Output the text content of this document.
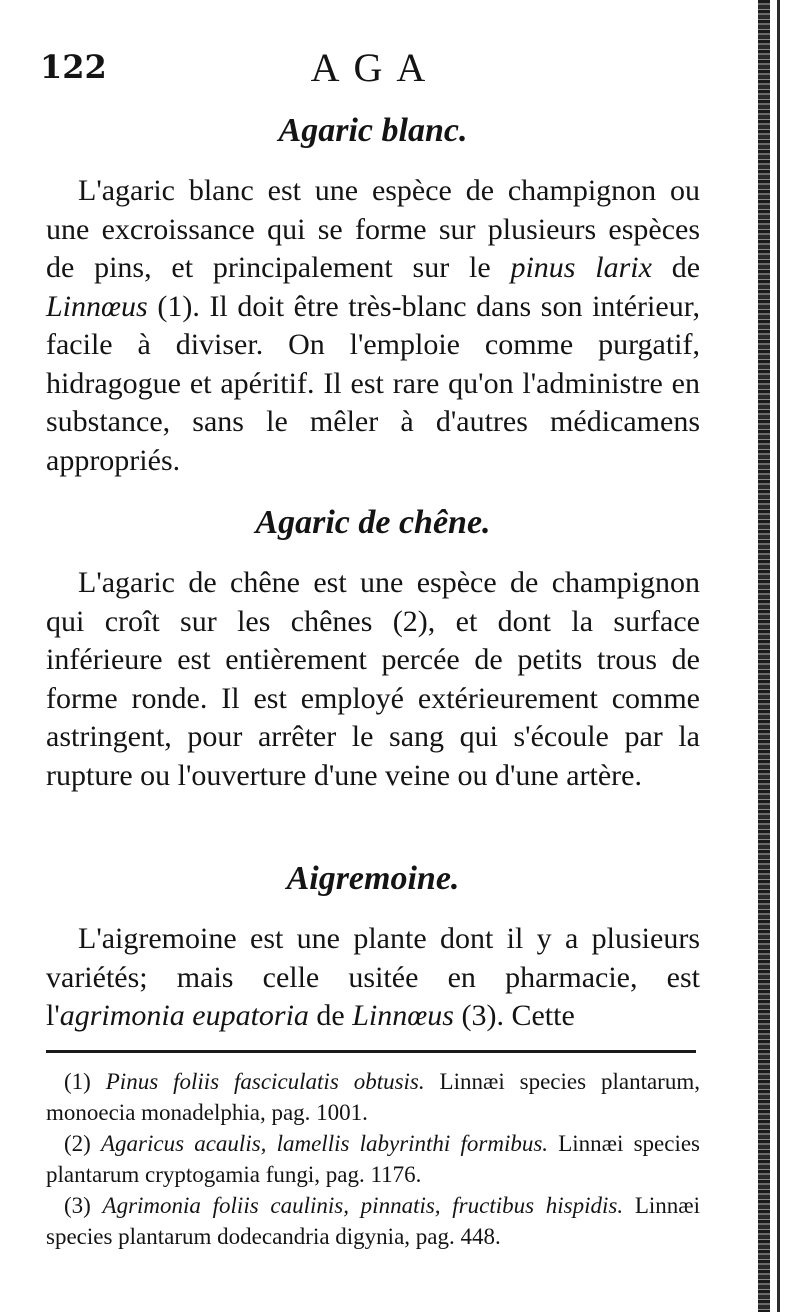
122	AGA
Agaric blanc.

L'agaric blanc est une espèce de champignon ou une excroissance qui se forme sur plusieurs espèces de pins, et principalement sur le pinus larix de Linnœus (1). Il doit être très-blanc dans son intérieur, facile à diviser. On l'emploie comme purgatif, hidragogue et apéritif. Il est rare qu'on l'administre en substance, sans le mêler à d'autres médicamens appropriés.

Agaric de chêne.

L'agaric de chêne est une espèce de champignon qui croît sur les chênes (2), et dont la surface inférieure est entièrement percée de petits trous de forme ronde. Il est employé extérieurement comme astringent, pour arrêter le sang qui s'écoule par la rupture ou l'ouverture d'une veine ou d'une artère.

Aigremoine.

L'aigremoine est une plante dont il y a plusieurs variétés; mais celle usitée en pharmacie, est l'agrimonia eupatoria de Linnœus (3). Cette

(1) Pinus foliis fasciculatis obtusis. Linnæi species plantarum, monoecia monadelphia, pag. 1001.

(2) Agaricus acaulis, lamellis labyrinthi formibus. Linnæi species plantarum cryptogamia fungi, pag. 1176.

(3) Agrimonia foliis caulinis, pinnatis, fructibus hispidis. Linnæi species plantarum dodecandria digynia, pag. 448.
